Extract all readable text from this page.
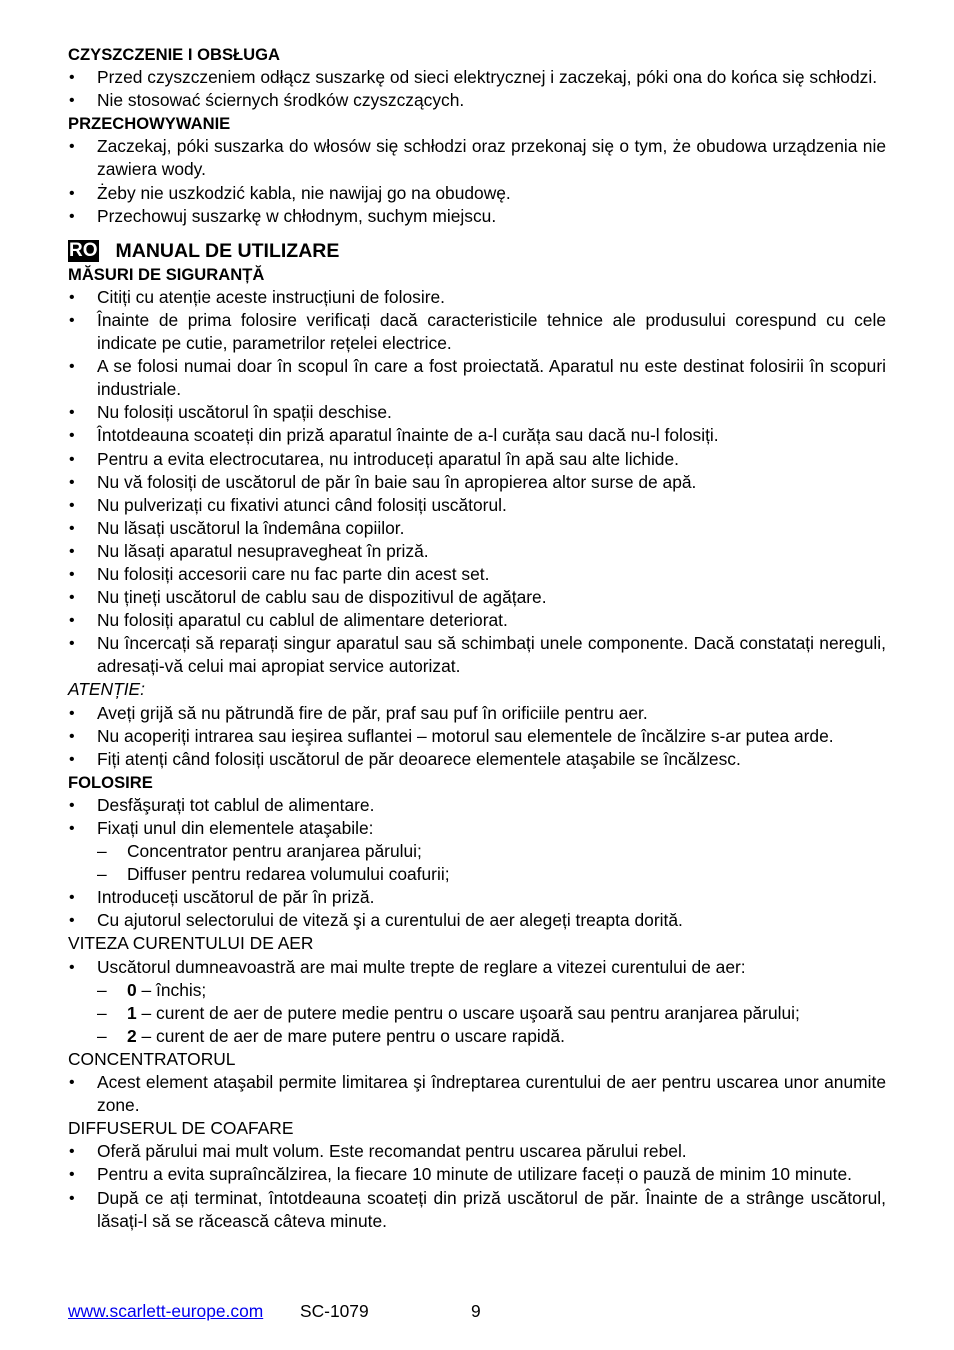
CZYSZCZENIE I OBSŁUGA
• Przed czyszczeniem odłącz suszarkę od sieci elektrycznej i zaczekaj, póki ona do końca się schłodzi.
• Nie stosować ściernych środków czyszczących.
PRZECHOWYWANIE
• Zaczekaj, póki suszarka do włosów się schłodzi oraz przekonaj się o tym, że obudowa urządzenia nie zawiera wody.
• Żeby nie uszkodzić kabla, nie nawijaj go na obudowę.
• Przechowuj suszarkę w chłodnym, suchym miejscu.
RO MANUAL DE UTILIZARE
MĂSURI DE SIGURANȚĂ
• Citiți cu atenție aceste instrucțiuni de folosire.
• Înainte de prima folosire verificați dacă caracteristicile tehnice ale produsului corespund cu cele indicate pe cutie, parametrilor rețelei electrice.
• A se folosi numai doar în scopul în care a fost proiectată. Aparatul nu este destinat folosirii în scopuri industriale.
• Nu folosiți uscătorul în spații deschise.
• Întotdeauna scoateți din priză aparatul înainte de a-l curăța sau dacă nu-l folosiți.
• Pentru a evita electrocutarea, nu introduceți aparatul în apă sau alte lichide.
• Nu vă folosiți de uscătorul de păr în baie sau în apropierea altor surse de apă.
• Nu pulverizați cu fixativi atunci când folosiți uscătorul.
• Nu lăsați uscătorul la îndemâna copiilor.
• Nu lăsați aparatul nesupravegheat în priză.
• Nu folosiți accesorii care nu fac parte din acest set.
• Nu țineți uscătorul de cablu sau de dispozitivul de agățare.
• Nu folosiți aparatul cu cablul de alimentare deteriorat.
• Nu încercați să reparați singur aparatul sau să schimbați unele componente. Dacă constatați nereguli, adresați-vă celui mai apropiat service autorizat.
ATENȚIE:
• Aveți grijă să nu pătrundă fire de păr, praf sau puf în orificiile pentru aer.
• Nu acoperiți intrarea sau ieşirea suflantei – motorul sau elementele de încălzire s-ar putea arde.
• Fiți atenți când folosiți uscătorul de păr deoarece elementele ataşabile se încălzesc.
FOLOSIRE
• Desfăşurați tot cablul de alimentare.
• Fixați unul din elementele ataşabile:
– Concentrator pentru aranjarea părului;
– Diffuser pentru redarea volumului coafurii;
• Introduceți uscătorul de păr în priză.
• Cu ajutorul selectorului de viteză şi a curentului de aer alegeți treapta dorită.
VITEZA CURENTULUI DE AER
• Uscătorul dumneavoastră are mai multe trepte de reglare a vitezei curentului de aer:
– 0 – închis;
– 1 – curent de aer de putere medie pentru o uscare uşoară sau pentru aranjarea părului;
– 2 – curent de aer de mare putere pentru o uscare rapidă.
CONCENTRATORUL
• Acest element ataşabil permite limitarea şi îndreptarea curentului de aer pentru uscarea unor anumite zone.
DIFFUSERUL DE COAFARE
• Oferă părului mai mult volum. Este recomandat pentru uscarea părului rebel.
• Pentru a evita supraîncălzirea, la fiecare 10 minute de utilizare faceți o pauză de minim 10 minute.
• După ce ați terminat, întotdeauna scoateți din priză uscătorul de păr. Înainte de a strânge uscătorul, lăsați-l să se răcească câteva minute.
www.scarlett-europe.com SC-1079	9
